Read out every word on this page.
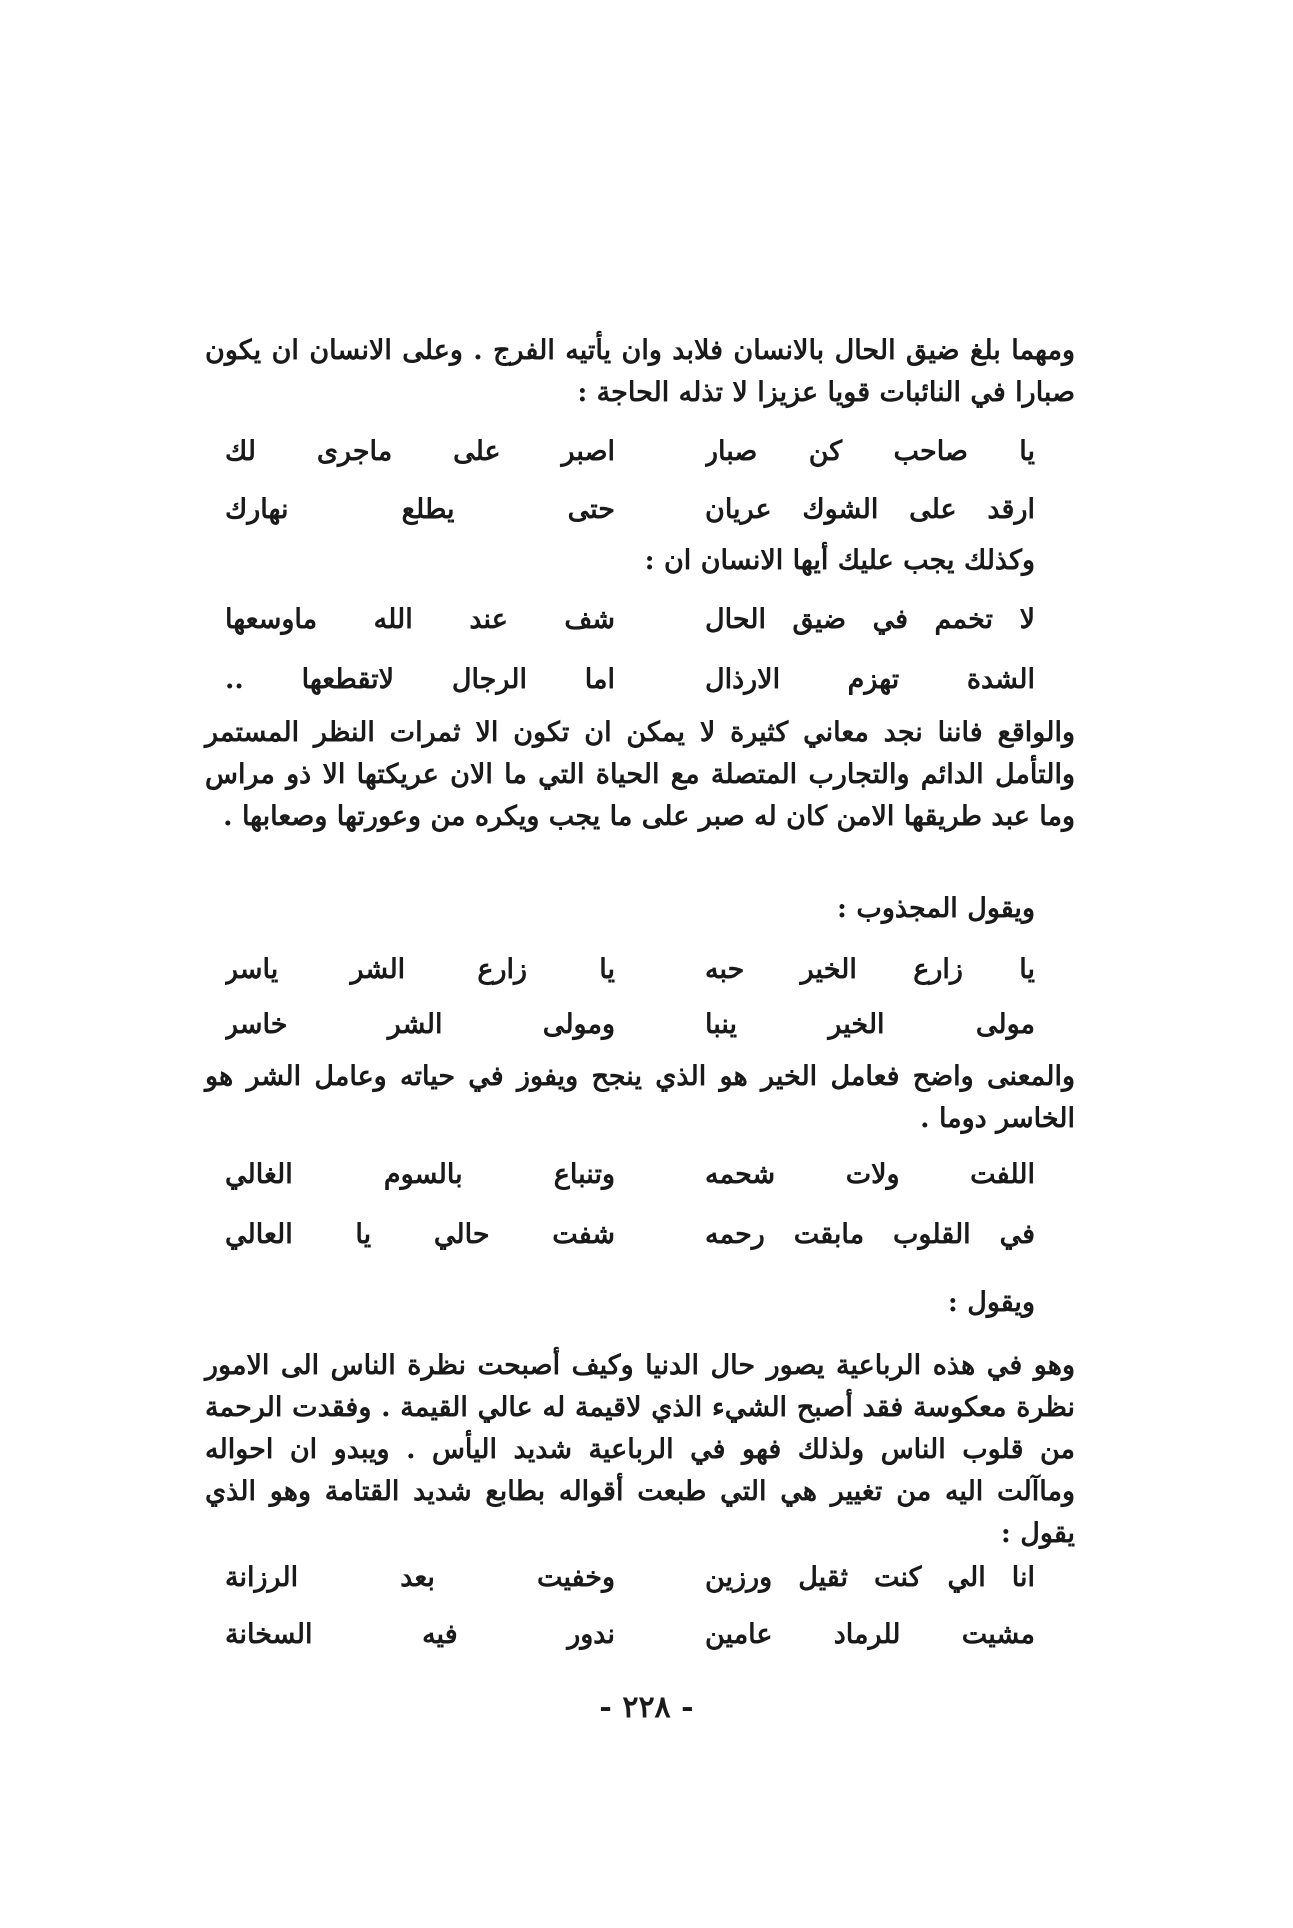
ومهما بلغ ضيق الحال بالانسان فلابد وان يأتيه الفرج . وعلى الانسان ان يكون صبارا في النائبات قويا عزيزا لا تذله الحاجة :
يا صاحب كن صبار
اصبر على ماجرى لك
ارقد على الشوك عريان
حتى يطلع نهارك
وكذلك يجب عليك أيها الانسان ان :
لا تخمم في ضيق الحال
شف عند الله ماوسعها
الشدة تهزم الارذال
اما الرجال لاتقطعها ..
والواقع فاننا نجد معاني كثيرة لا يمكن ان تكون الا ثمرات النظر المستمر والتأمل الدائم والتجارب المتصلة مع الحياة التي ما الان عريكتها الا ذو مراس وما عبد طريقها الامن كان له صبر على ما يجب ويكره من وعورتها وصعابها .
ويقول المجذوب :
يا زارع الخير حبه
يا زارع الشر ياسر
مولى الخير ينبا
ومولى الشر خاسر
والمعنى واضح فعامل الخير هو الذي ينجح ويفوز في حياته وعامل الشر هو الخاسر دوما .
اللفت ولات شحمه
وتنباع بالسوم الغالي
في القلوب مابقت رحمه
شفت حالي يا العالي
ويقول :
وهو في هذه الرباعية يصور حال الدنيا وكيف أصبحت نظرة الناس الى الامور نظرة معكوسة فقد أصبح الشيء الذي لاقيمة له عالي القيمة . وفقدت الرحمة من قلوب الناس ولذلك فهو في الرباعية شديد اليأس . ويبدو ان احواله وماآلت اليه من تغيير هي التي طبعت أقواله بطابع شديد القتامة وهو الذي يقول :
انا الي كنت ثقيل ورزين
وخفيت بعد الرزانة
مشيت للرماد عامين
ندور فيه السخانة
- ٢٢٨ -
